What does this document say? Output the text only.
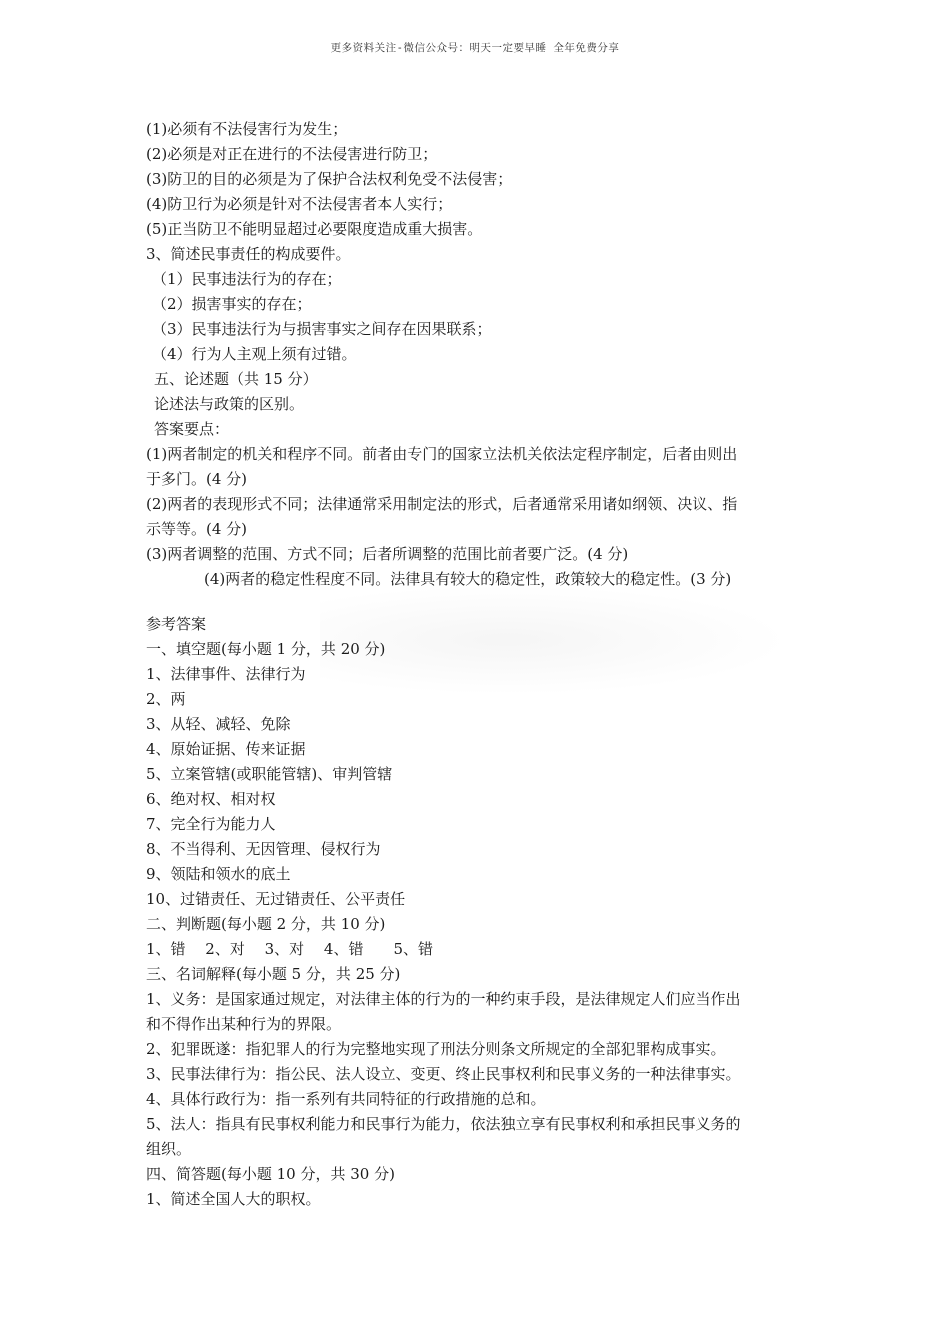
更多资料关注-微信公众号：明天一定要早睡 全年免费分享
(1)必须有不法侵害行为发生；
(2)必须是对正在进行的不法侵害进行防卫；
(3)防卫的目的必须是为了保护合法权利免受不法侵害；
(4)防卫行为必须是针对不法侵害者本人实行；
(5)正当防卫不能明显超过必要限度造成重大损害。
3、简述民事责任的构成要件。
（1）民事违法行为的存在；
（2）损害事实的存在；
（3）民事违法行为与损害事实之间存在因果联系；
（4）行为人主观上须有过错。
五、论述题（共 15 分）
论述法与政策的区别。
答案要点：
(1)两者制定的机关和程序不同。前者由专门的国家立法机关依法定程序制定，后者由则出
于多门。(4 分)
(2)两者的表现形式不同；法律通常采用制定法的形式，后者通常采用诸如纲领、决议、指
示等等。(4 分)
(3)两者调整的范围、方式不同；后者所调整的范围比前者要广泛。(4 分)
(4)两者的稳定性程度不同。法律具有较大的稳定性，政策较大的稳定性。(3 分)
参考答案
一、填空题(每小题 1 分，共 20 分)
1、法律事件、法律行为
2、两
3、从轻、减轻、免除
4、原始证据、传来证据
5、立案管辖(或职能管辖)、审判管辖
6、绝对权、相对权
7、完全行为能力人
8、不当得利、无因管理、侵权行为
9、领陆和领水的底土
10、过错责任、无过错责任、公平责任
二、判断题(每小题 2 分，共 10 分)
1、错　 2、对　 3、对　 4、错　　5、错
三、名词解释(每小题 5 分，共 25 分)
1、义务：是国家通过规定，对法律主体的行为的一种约束手段，是法律规定人们应当作出
和不得作出某种行为的界限。
2、犯罪既遂：指犯罪人的行为完整地实现了刑法分则条文所规定的全部犯罪构成事实。
3、民事法律行为：指公民、法人设立、变更、终止民事权利和民事义务的一种法律事实。
4、具体行政行为：指一系列有共同特征的行政措施的总和。
5、法人：指具有民事权利能力和民事行为能力，依法独立享有民事权利和承担民事义务的
组织。
四、简答题(每小题 10 分，共 30 分)
1、简述全国人大的职权。
